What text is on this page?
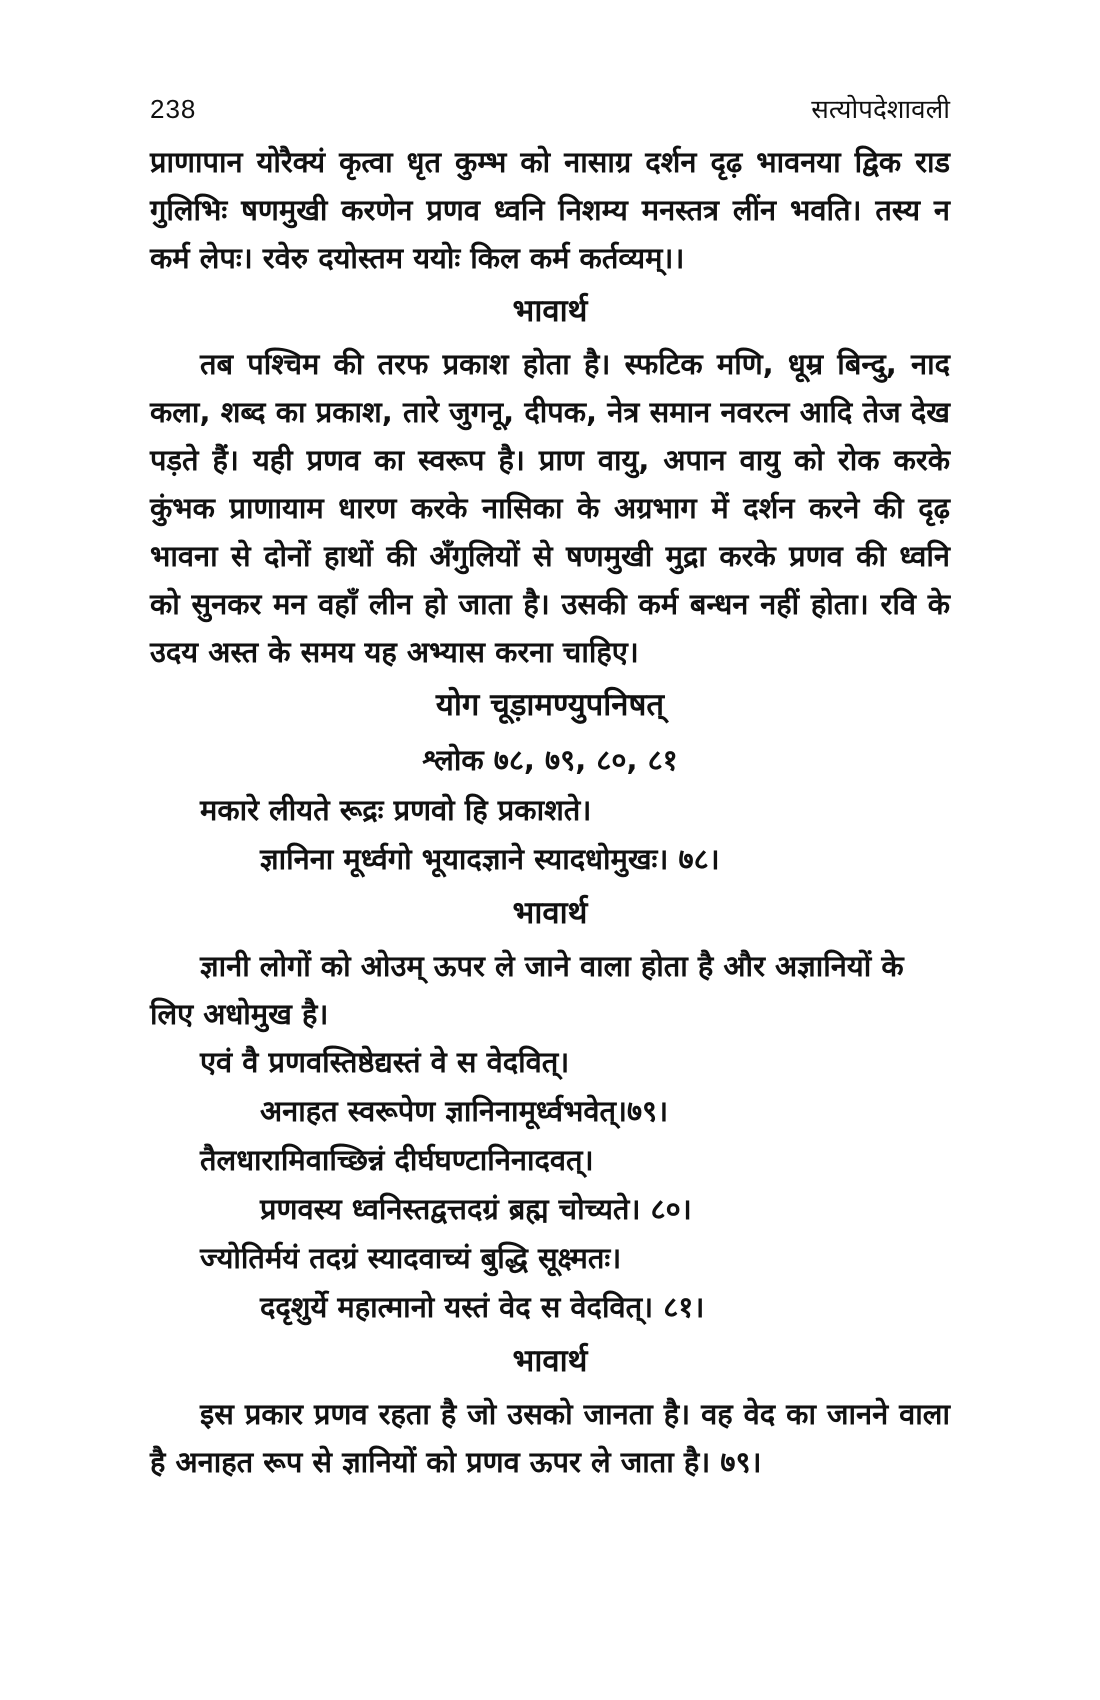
238	सत्योपदेशावली

प्राणापान योरैक्यं कृत्वा धृत कुम्भ को नासाग्र दर्शन दृढ़ भावनया द्विक राड गुलिभिः षणमुखी करणेन प्रणव ध्वनि निशम्य मनस्तत्र लींन भवति। तस्य न कर्म लेपः। रवेरु दयोस्तम ययोः किल कर्म कर्तव्यम्।।

भावार्थ

तब पश्चिम की तरफ प्रकाश होता है। स्फटिक मणि, धूम्र बिन्दु, नाद कला, शब्द का प्रकाश, तारे जुगनू, दीपक, नेत्र समान नवरत्न आदि तेज देख पड़ते हैं। यही प्रणव का स्वरूप है। प्राण वायु, अपान वायु को रोक करके कुंभक प्राणायाम धारण करके नासिका के अग्रभाग में दर्शन करने की दृढ़ भावना से दोनों हाथों की अँगुलियों से षणमुखी मुद्रा करके प्रणव की ध्वनि को सुनकर मन वहाँ लीन हो जाता है। उसकी कर्म बन्धन नहीं होता। रवि के उदय अस्त के समय यह अभ्यास करना चाहिए।

योग चूड़ामण्युपनिषत्
श्लोक ७८, ७९, ८०, ८१
मकारे लीयते रूद्रः प्रणवो हि प्रकाशते।
ज्ञानिना मूर्ध्वगो भूयादज्ञाने स्यादधोमुखः। ७८।
भावार्थ

ज्ञानी लोगों को ओउम् ऊपर ले जाने वाला होता है और अज्ञानियों के लिए अधोमुख है।

एवं वै प्रणवस्तिष्ठेद्यस्तं वे स वेदवित्।
अनाहत स्वरूपेण ज्ञानिनामूर्ध्वभवेत्।७९।
तैलधारामिवाच्छिन्नं दीर्घघण्टानिनादवत्।
प्रणवस्य ध्वनिस्तद्वत्तदग्रं ब्रह्म चोच्यते। ८०।
ज्योतिर्मयं तदग्रं स्यादवाच्यं बुद्धि सूक्ष्मतः।
ददृशुर्ये महात्मानो यस्तं वेद स वेदवित्। ८१।
भावार्थ

इस प्रकार प्रणव रहता है जो उसको जानता है। वह वेद का जानने वाला है अनाहत रूप से ज्ञानियों को प्रणव ऊपर ले जाता है। ७९।
